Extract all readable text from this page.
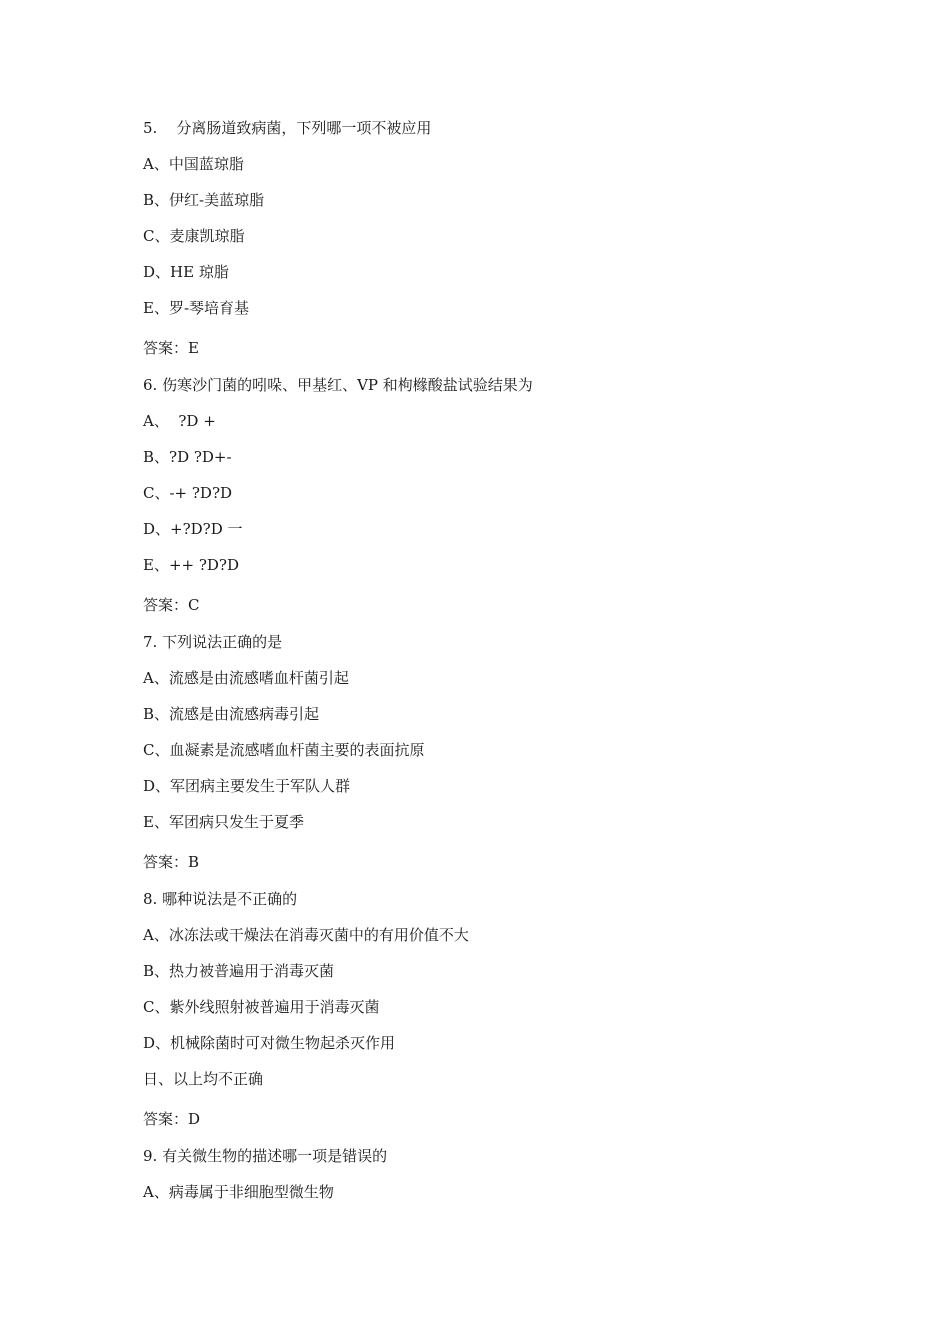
5.    分离肠道致病菌，下列哪一项不被应用
A、中国蓝琼脂
B、伊红-美蓝琼脂
C、麦康凯琼脂
D、HE 琼脂
E、罗-琴培育基
答案：E
6. 伤寒沙门菌的吲哚、甲基红、VP 和枸橼酸盐试验结果为
A、  ?D +
B、?D ?D+-
C、-+ ?D?D
D、+?D?D 一
E、++ ?D?D
答案：C
7. 下列说法正确的是
A、流感是由流感嗜血杆菌引起
B、流感是由流感病毒引起
C、血凝素是流感嗜血杆菌主要的表面抗原
D、军团病主要发生于军队人群
E、军团病只发生于夏季
答案：B
8. 哪种说法是不正确的
A、冰冻法或干燥法在消毒灭菌中的有用价值不大
B、热力被普遍用于消毒灭菌
C、紫外线照射被普遍用于消毒灭菌
D、机械除菌时可对微生物起杀灭作用
日、以上均不正确
答案：D
9. 有关微生物的描述哪一项是错误的
A、病毒属于非细胞型微生物
